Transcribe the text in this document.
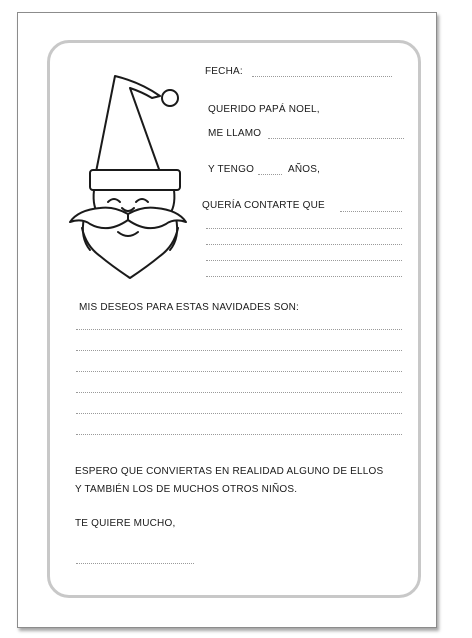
FECHA:
QUERIDO PAPÁ NOEL,
ME LLAMO
Y TENGO	AÑOS,
QUERÍA CONTARTE QUE
MIS DESEOS PARA ESTAS NAVIDADES SON:
ESPERO QUE CONVIERTAS EN REALIDAD ALGUNO DE ELLOS
Y TAMBIÉN LOS DE MUCHOS OTROS NIÑOS.
TE QUIERE MUCHO,
